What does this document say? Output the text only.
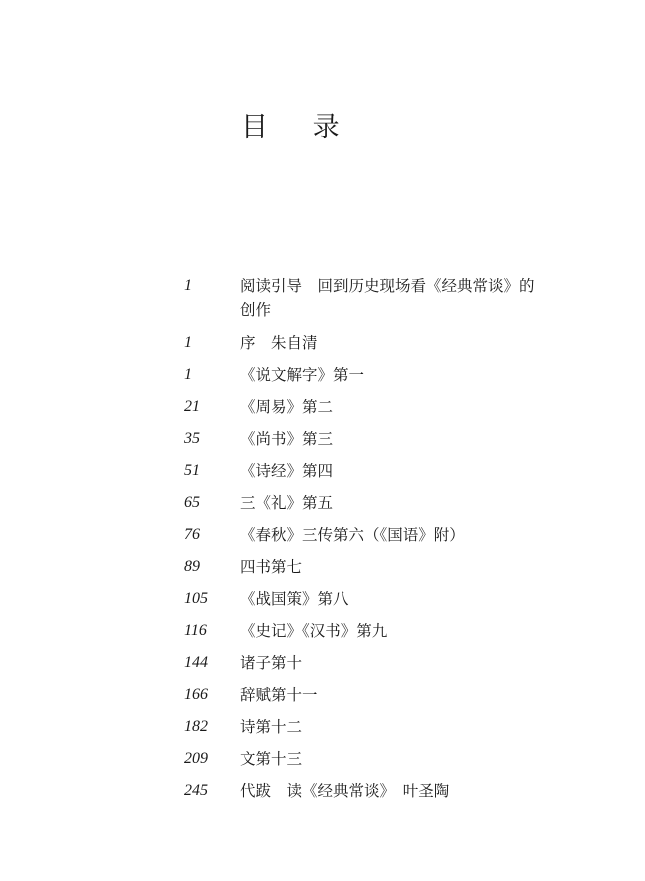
目 录
1	阅读引导　回到历史现场看《经典常谈》的
创作
1	序　朱自清
1	《说文解字》第一
21	《周易》第二
35	《尚书》第三
51	《诗经》第四
65	三《礼》第五
76	《春秋》三传第六（《国语》附）
89	四书第七
105 《战国策》第八
116 《史记》《汉书》第九
144 诸子第十
166 辞赋第十一
182 诗第十二
209 文第十三
245 代跋　读《经典常谈》　叶圣陶
